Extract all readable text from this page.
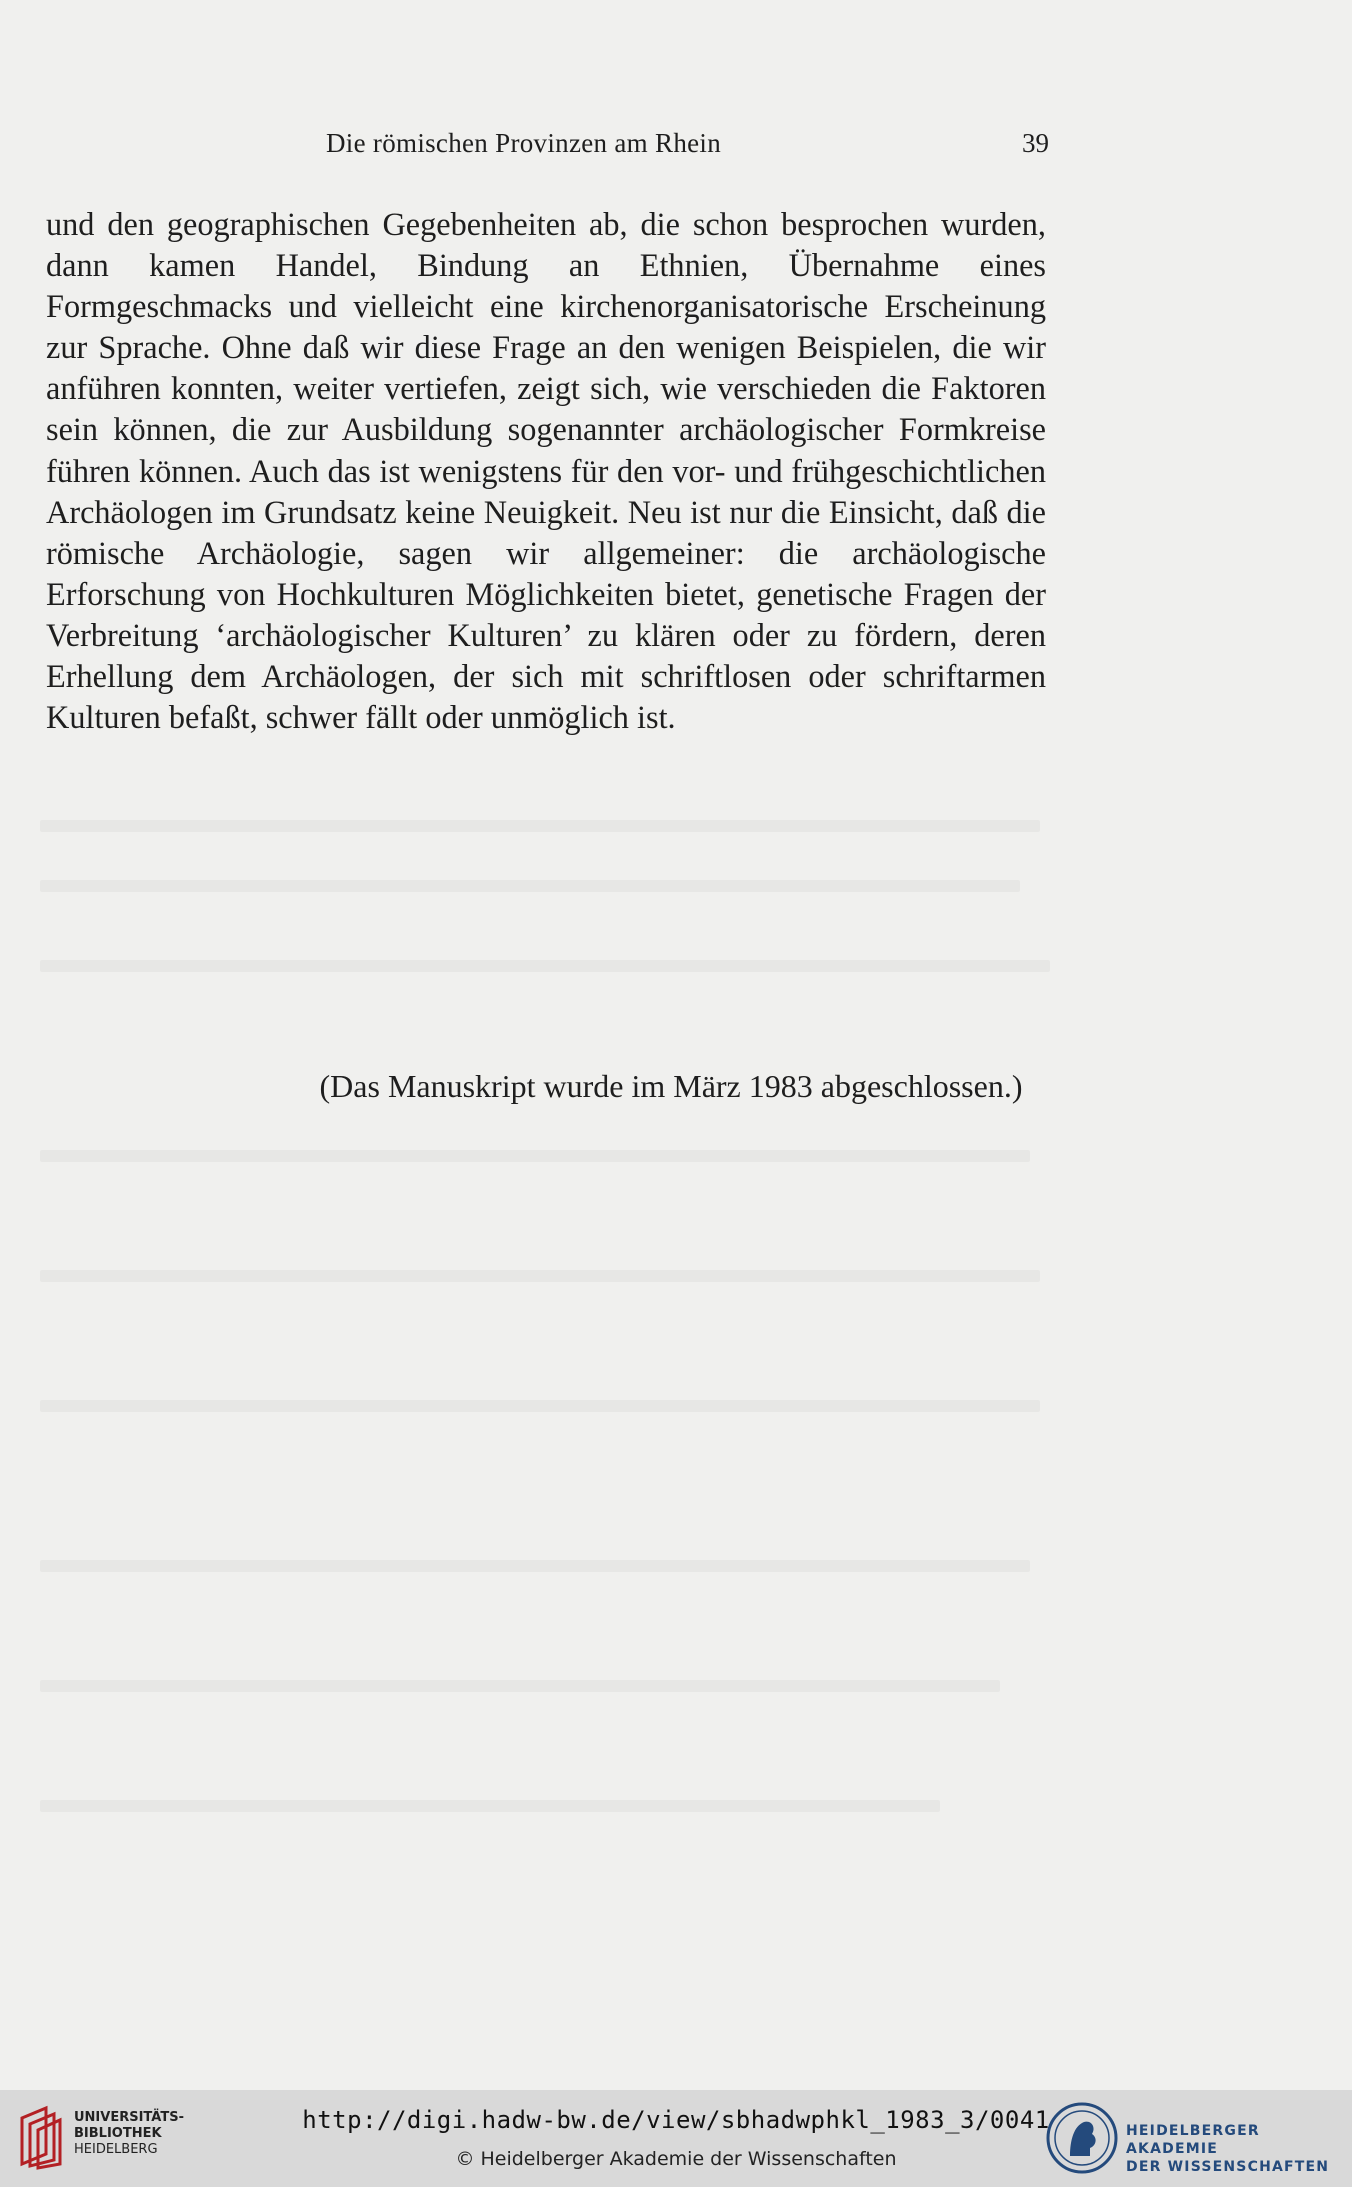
Die römischen Provinzen am Rhein	39

und den geographischen Gegebenheiten ab, die schon besprochen wurden, dann kamen Handel, Bindung an Ethnien, Übernahme eines Formgeschmacks und vielleicht eine kirchenorganisatorische Erscheinung zur Sprache. Ohne daß wir diese Frage an den wenigen Beispielen, die wir anführen konnten, weiter vertiefen, zeigt sich, wie verschieden die Faktoren sein können, die zur Ausbildung sogenannter archäologischer Formkreise führen können. Auch das ist wenigstens für den vor- und frühgeschichtlichen Archäologen im Grundsatz keine Neuigkeit. Neu ist nur die Einsicht, daß die römische Archäologie, sagen wir allgemeiner: die archäologische Erforschung von Hochkulturen Möglichkeiten bietet, genetische Fragen der Verbreitung ‘archäologischer Kulturen’ zu klären oder zu fördern, deren Erhellung dem Archäologen, der sich mit schriftlosen oder schriftarmen Kulturen befaßt, schwer fällt oder unmöglich ist.

(Das Manuskript wurde im März 1983 abgeschlossen.)
UNIVERSITÄTS-
BIBLIOTHEK
HEIDELBERG
http://digi.hadw-bw.de/view/sbhadwphkl_1983_3/0041
© Heidelberger Akademie der Wissenschaften
HEIDELBERGER AKADEMIE
DER WISSENSCHAFTEN
